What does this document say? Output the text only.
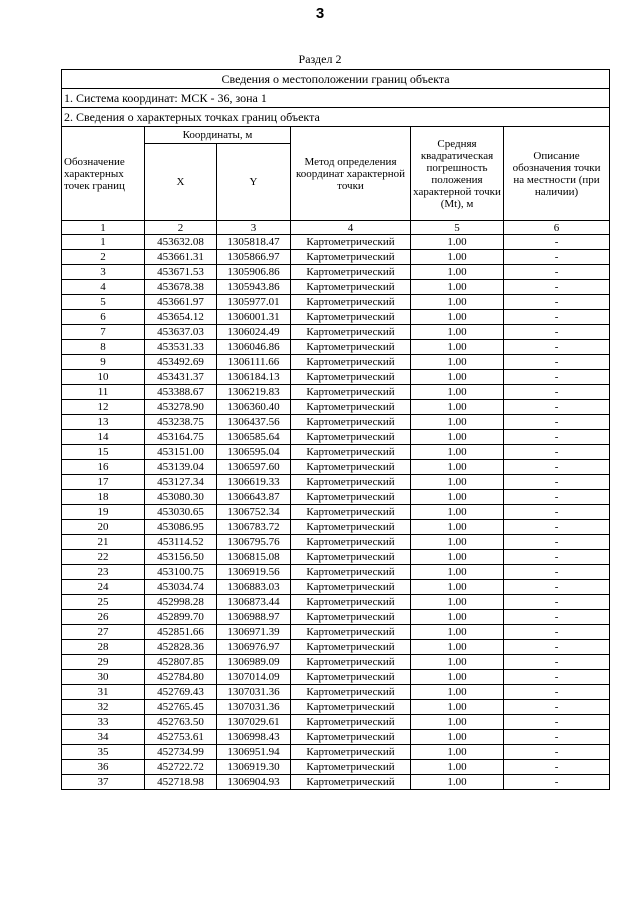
3
Раздел 2
Сведения о местоположении границ объекта					
1. Система координат: МСК - 36, зона 1					
2. Сведения о характерных точках границ объекта					
Обозначение характерных точек границ	Координаты, м		Метод определения координат характерной точки	Средняя квадратическая погрешность положения характерной точки (Mt), м	Описание обозначения точки на местности (при наличии)
	X	Y			
1	2	3	4	5	6
1	453632.08	1305818.47	Картометрический	1.00	-
2	453661.31	1305866.97	Картометрический	1.00	-
3	453671.53	1305906.86	Картометрический	1.00	-
4	453678.38	1305943.86	Картометрический	1.00	-
5	453661.97	1305977.01	Картометрический	1.00	-
6	453654.12	1306001.31	Картометрический	1.00	-
7	453637.03	1306024.49	Картометрический	1.00	-
8	453531.33	1306046.86	Картометрический	1.00	-
9	453492.69	1306111.66	Картометрический	1.00	-
10	453431.37	1306184.13	Картометрический	1.00	-
11	453388.67	1306219.83	Картометрический	1.00	-
12	453278.90	1306360.40	Картометрический	1.00	-
13	453238.75	1306437.56	Картометрический	1.00	-
14	453164.75	1306585.64	Картометрический	1.00	-
15	453151.00	1306595.04	Картометрический	1.00	-
16	453139.04	1306597.60	Картометрический	1.00	-
17	453127.34	1306619.33	Картометрический	1.00	-
18	453080.30	1306643.87	Картометрический	1.00	-
19	453030.65	1306752.34	Картометрический	1.00	-
20	453086.95	1306783.72	Картометрический	1.00	-
21	453114.52	1306795.76	Картометрический	1.00	-
22	453156.50	1306815.08	Картометрический	1.00	-
23	453100.75	1306919.56	Картометрический	1.00	-
24	453034.74	1306883.03	Картометрический	1.00	-
25	452998.28	1306873.44	Картометрический	1.00	-
26	452899.70	1306988.97	Картометрический	1.00	-
27	452851.66	1306971.39	Картометрический	1.00	-
28	452828.36	1306976.97	Картометрический	1.00	-
29	452807.85	1306989.09	Картометрический	1.00	-
30	452784.80	1307014.09	Картометрический	1.00	-
31	452769.43	1307031.36	Картометрический	1.00	-
32	452765.45	1307031.36	Картометрический	1.00	-
33	452763.50	1307029.61	Картометрический	1.00	-
34	452753.61	1306998.43	Картометрический	1.00	-
35	452734.99	1306951.94	Картометрический	1.00	-
36	452722.72	1306919.30	Картометрический	1.00	-
37	452718.98	1306904.93	Картометрический	1.00	-
